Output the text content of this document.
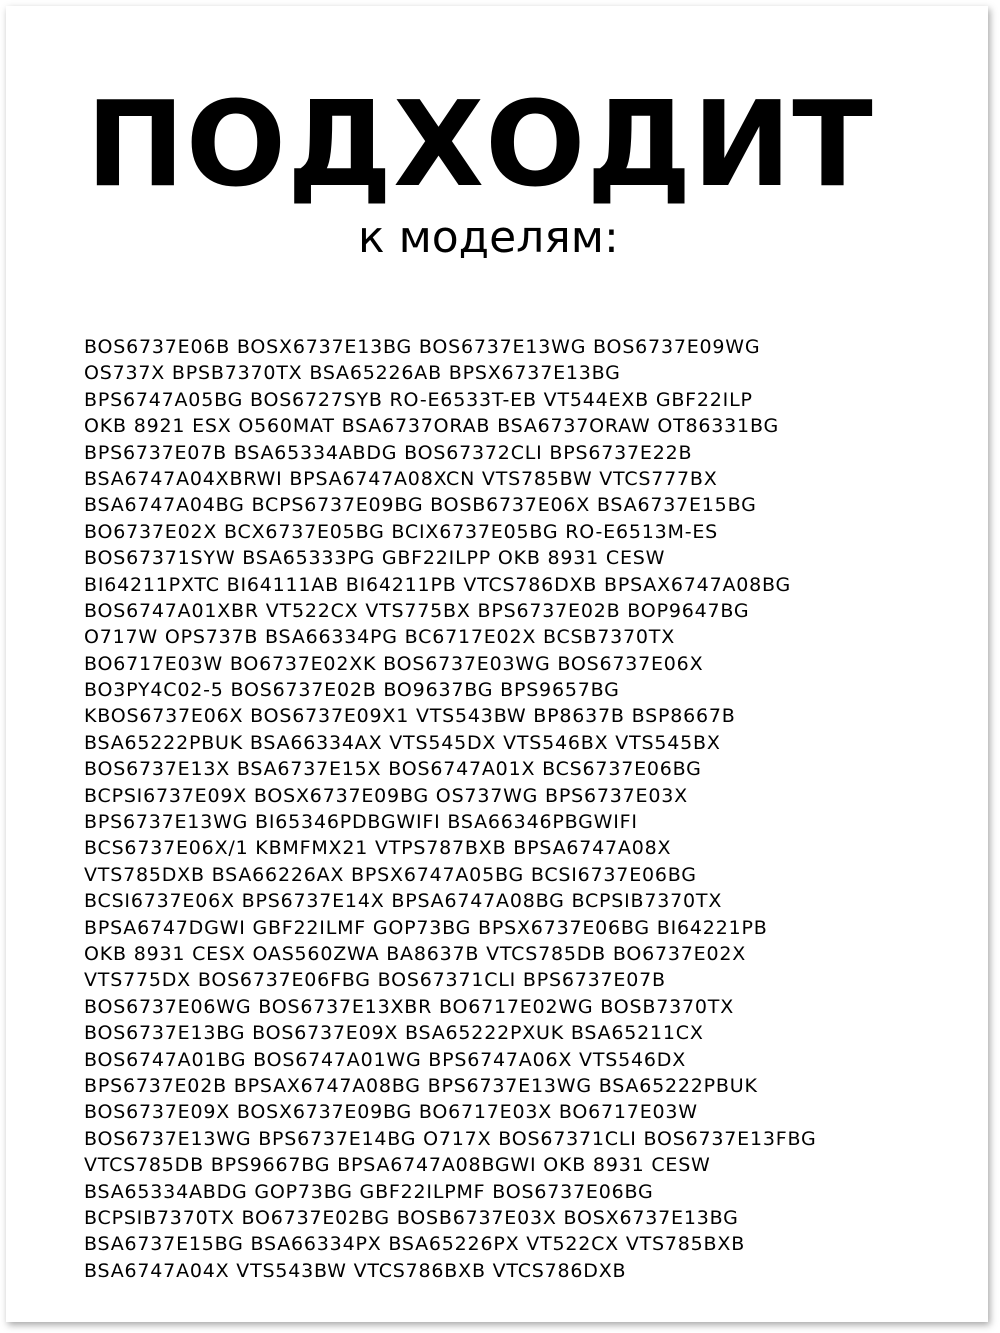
ПОДХОДИТ
к моделям:
BOS6737E06B BOSX6737E13BG BOS6737E13WG BOS6737E09WG
OS737X BPSB7370TX BSA65226AB BPSX6737E13BG
BPS6747A05BG BOS6727SYB RO-E6533T-EB VT544EXB GBF22ILP
OKB 8921 ESX O560MAT BSA6737ORAB BSA6737ORAW OT86331BG
BPS6737E07B BSA65334ABDG BOS67372CLI BPS6737E22B
BSA6747A04XBRWI BPSA6747A08XCN VTS785BW VTCS777BX
BSA6747A04BG BCPS6737E09BG BOSB6737E06X BSA6737E15BG
BO6737E02X BCX6737E05BG BCIX6737E05BG RO-E6513M-ES
BOS67371SYW BSA65333PG GBF22ILPP OKB 8931 CESW
BI64211PXTC BI64111AB BI64211PB VTCS786DXB BPSAX6747A08BG
BOS6747A01XBR VT522CX VTS775BX BPS6737E02B BOP9647BG
O717W OPS737B BSA66334PG BC6717E02X BCSB7370TX
BO6717E03W BO6737E02XK BOS6737E03WG BOS6737E06X
BO3PY4C02-5 BOS6737E02B BO9637BG BPS9657BG
KBOS6737E06X BOS6737E09X1 VTS543BW BP8637B BSP8667B
BSA65222PBUK BSA66334AX VTS545DX VTS546BX VTS545BX
BOS6737E13X BSA6737E15X BOS6747A01X BCS6737E06BG
BCPSI6737E09X BOSX6737E09BG OS737WG BPS6737E03X
BPS6737E13WG BI65346PDBGWIFI BSA66346PBGWIFI
BCS6737E06X/1 KBMFMX21 VTPS787BXB BPSA6747A08X
VTS785DXB BSA66226AX BPSX6747A05BG BCSI6737E06BG
BCSI6737E06X BPS6737E14X BPSA6747A08BG BCPSIB7370TX
BPSA6747DGWI GBF22ILMF GOP73BG BPSX6737E06BG BI64221PB
OKB 8931 CESX OAS560ZWA BA8637B VTCS785DB BO6737E02X
VTS775DX BOS6737E06FBG BOS67371CLI BPS6737E07B
BOS6737E06WG BOS6737E13XBR BO6717E02WG BOSB7370TX
BOS6737E13BG BOS6737E09X BSA65222PXUK BSA65211CX
BOS6747A01BG BOS6747A01WG BPS6747A06X VTS546DX
BPS6737E02B BPSAX6747A08BG BPS6737E13WG BSA65222PBUK
BOS6737E09X BOSX6737E09BG BO6717E03X BO6717E03W
BOS6737E13WG BPS6737E14BG O717X BOS67371CLI BOS6737E13FBG
VTCS785DB BPS9667BG BPSA6747A08BGWI OKB 8931 CESW
BSA65334ABDG GOP73BG GBF22ILPMF BOS6737E06BG
BCPSIB7370TX BO6737E02BG BOSB6737E03X BOSX6737E13BG
BSA6737E15BG BSA66334PX BSA65226PX VT522CX VTS785BXB
BSA6747A04X VTS543BW VTCS786BXB VTCS786DXB
